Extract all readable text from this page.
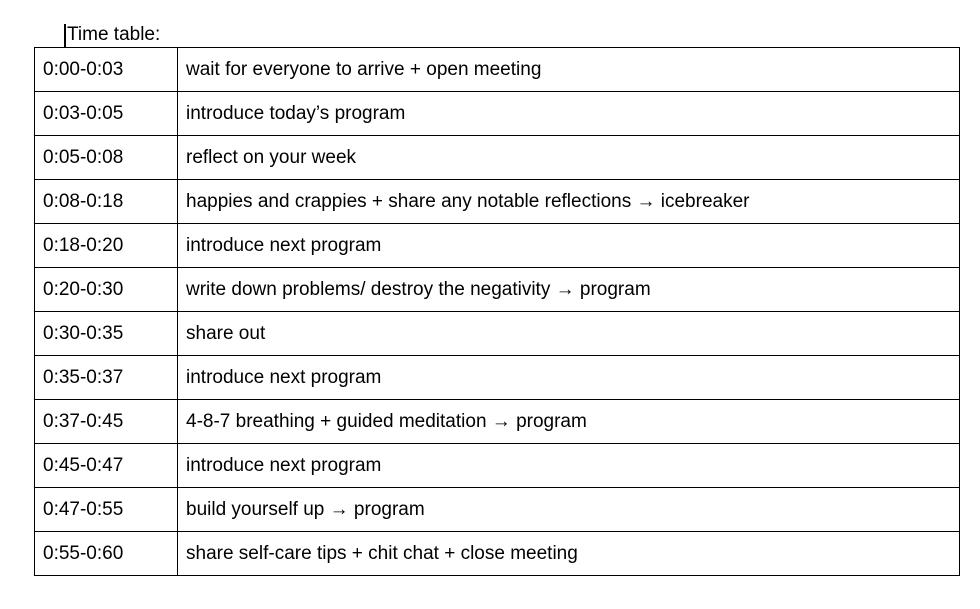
Time table:
0:00-0:03	wait for everyone to arrive + open meeting
0:03-0:05	introduce today’s program
0:05-0:08	reflect on your week
0:08-0:18	happies and crappies + share any notable reflections → icebreaker
0:18-0:20	introduce next program
0:20-0:30	write down problems/ destroy the negativity → program
0:30-0:35	share out
0:35-0:37	introduce next program
0:37-0:45	4-8-7 breathing + guided meditation → program
0:45-0:47	introduce next program
0:47-0:55	build yourself up → program
0:55-0:60	share self-care tips + chit chat + close meeting
